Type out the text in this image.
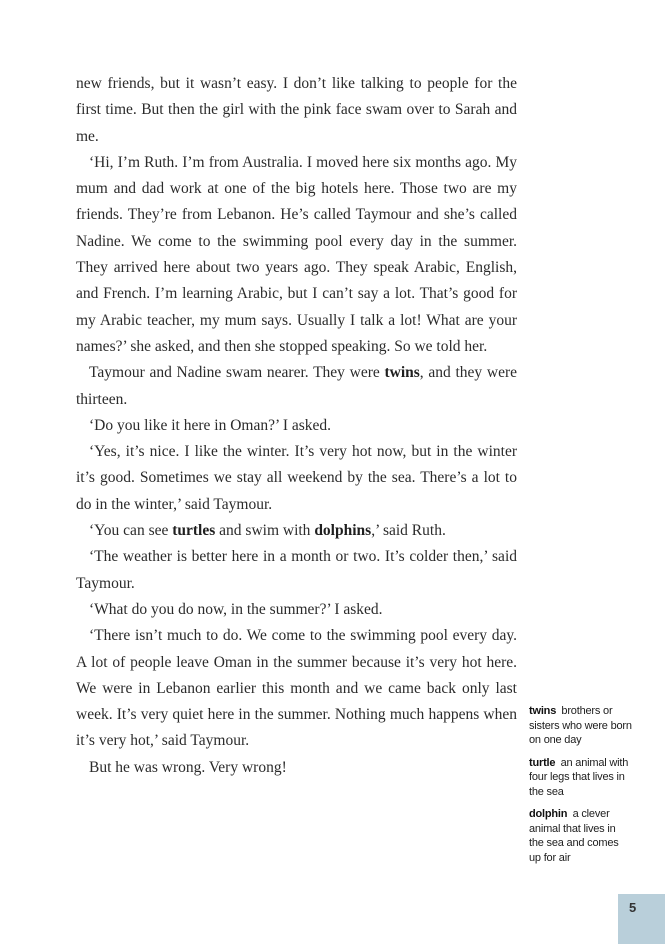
new friends, but it wasn’t easy. I don’t like talking to people for the first time. But then the girl with the pink face swam over to Sarah and me.

‘Hi, I’m Ruth. I’m from Australia. I moved here six months ago. My mum and dad work at one of the big hotels here. Those two are my friends. They’re from Lebanon. He’s called Taymour and she’s called Nadine. We come to the swimming pool every day in the summer. They arrived here about two years ago. They speak Arabic, English, and French. I’m learning Arabic, but I can’t say a lot. That’s good for my Arabic teacher, my mum says. Usually I talk a lot! What are your names?’ she asked, and then she stopped speaking. So we told her.

Taymour and Nadine swam nearer. They were twins, and they were thirteen.

‘Do you like it here in Oman?’ I asked.

‘Yes, it’s nice. I like the winter. It’s very hot now, but in the winter it’s good. Sometimes we stay all weekend by the sea. There’s a lot to do in the winter,’ said Taymour.

‘You can see turtles and swim with dolphins,’ said Ruth.

‘The weather is better here in a month or two. It’s colder then,’ said Taymour.

‘What do you do now, in the summer?’ I asked.

‘There isn’t much to do. We come to the swimming pool every day. A lot of people leave Oman in the summer because it’s very hot here. We were in Lebanon earlier this month and we came back only last week. It’s very quiet here in the summer. Nothing much happens when it’s very hot,’ said Taymour.

But he was wrong. Very wrong!

twins brothers or sisters who were born on one day

turtle an animal with four legs that lives in the sea

dolphin a clever animal that lives in the sea and comes up for air

5
